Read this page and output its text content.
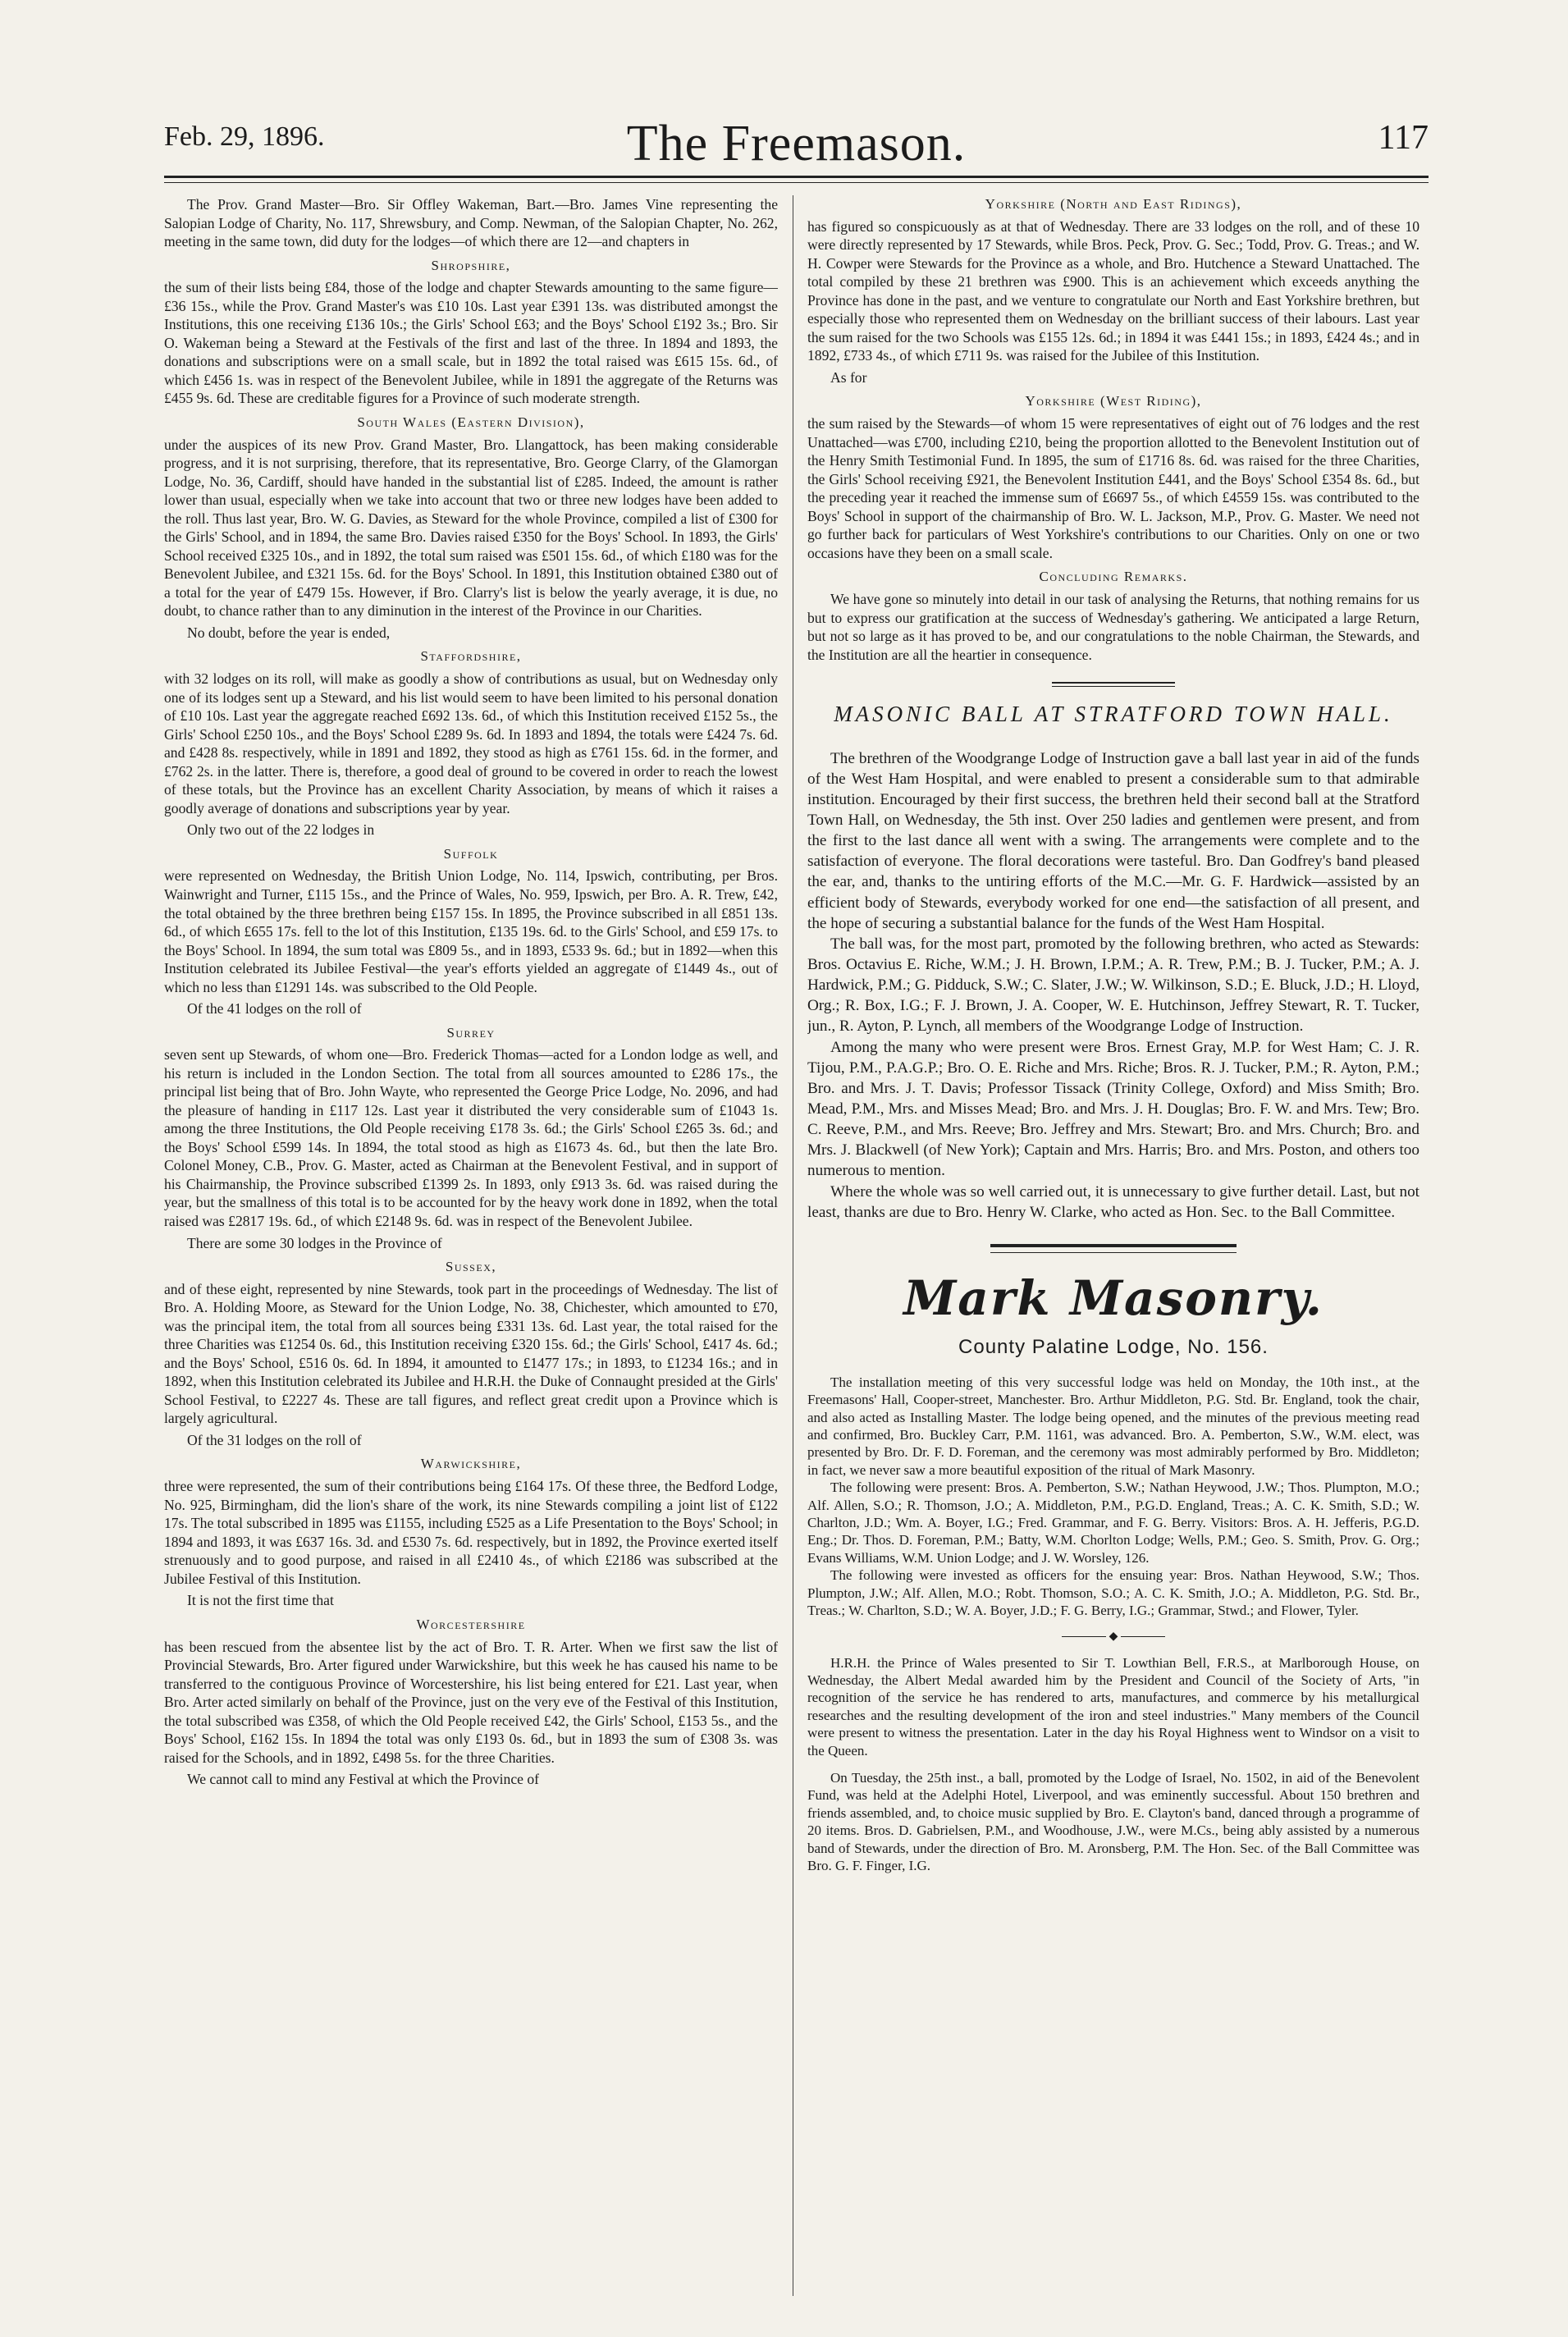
Feb. 29, 1896.	The Freemason.	117

The Prov. Grand Master—Bro. Sir Offley Wakeman, Bart.—Bro. James Vine representing the Salopian Lodge of Charity, No. 117, Shrewsbury, and Comp. Newman, of the Salopian Chapter, No. 262, meeting in the same town, did duty for the lodges—of which there are 12—and chapters in

Shropshire,

the sum of their lists being £84, those of the lodge and chapter Stewards amounting to the same figure—£36 15s., while the Prov. Grand Master's was £10 10s. Last year £391 13s. was distributed amongst the Institutions, this one receiving £136 10s.; the Girls' School £63; and the Boys' School £192 3s.; Bro. Sir O. Wakeman being a Steward at the Festivals of the first and last of the three. In 1894 and 1893, the donations and subscriptions were on a small scale, but in 1892 the total raised was £615 15s. 6d., of which £456 1s. was in respect of the Benevolent Jubilee, while in 1891 the aggregate of the Returns was £455 9s. 6d. These are creditable figures for a Province of such moderate strength.

South Wales (Eastern Division),

under the auspices of its new Prov. Grand Master, Bro. Llangattock, has been making considerable progress, and it is not surprising, therefore, that its representative, Bro. George Clarry, of the Glamorgan Lodge, No. 36, Cardiff, should have handed in the substantial list of £285. Indeed, the amount is rather lower than usual, especially when we take into account that two or three new lodges have been added to the roll. Thus last year, Bro. W. G. Davies, as Steward for the whole Province, compiled a list of £300 for the Girls' School, and in 1894, the same Bro. Davies raised £350 for the Boys' School. In 1893, the Girls' School received £325 10s., and in 1892, the total sum raised was £501 15s. 6d., of which £180 was for the Benevolent Jubilee, and £321 15s. 6d. for the Boys' School. In 1891, this Institution obtained £380 out of a total for the year of £479 15s. However, if Bro. Clarry's list is below the yearly average, it is due, no doubt, to chance rather than to any diminution in the interest of the Province in our Charities.

No doubt, before the year is ended,

Staffordshire,

with 32 lodges on its roll, will make as goodly a show of contributions as usual, but on Wednesday only one of its lodges sent up a Steward, and his list would seem to have been limited to his personal donation of £10 10s. Last year the aggregate reached £692 13s. 6d., of which this Institution received £152 5s., the Girls' School £250 10s., and the Boys' School £289 9s. 6d. In 1893 and 1894, the totals were £424 7s. 6d. and £428 8s. respectively, while in 1891 and 1892, they stood as high as £761 15s. 6d. in the former, and £762 2s. in the latter. There is, therefore, a good deal of ground to be covered in order to reach the lowest of these totals, but the Province has an excellent Charity Association, by means of which it raises a goodly average of donations and subscriptions year by year.

Only two out of the 22 lodges in

Suffolk

were represented on Wednesday, the British Union Lodge, No. 114, Ipswich, contributing, per Bros. Wainwright and Turner, £115 15s., and the Prince of Wales, No. 959, Ipswich, per Bro. A. R. Trew, £42, the total obtained by the three brethren being £157 15s. In 1895, the Province subscribed in all £851 13s. 6d., of which £655 17s. fell to the lot of this Institution, £135 19s. 6d. to the Girls' School, and £59 17s. to the Boys' School. In 1894, the sum total was £809 5s., and in 1893, £533 9s. 6d.; but in 1892—when this Institution celebrated its Jubilee Festival—the year's efforts yielded an aggregate of £1449 4s., out of which no less than £1291 14s. was subscribed to the Old People.

Of the 41 lodges on the roll of

Surrey

seven sent up Stewards, of whom one—Bro. Frederick Thomas—acted for a London lodge as well, and his return is included in the London Section. The total from all sources amounted to £286 17s., the principal list being that of Bro. John Wayte, who represented the George Price Lodge, No. 2096, and had the pleasure of handing in £117 12s. Last year it distributed the very considerable sum of £1043 1s. among the three Institutions, the Old People receiving £178 3s. 6d.; the Girls' School £265 3s. 6d.; and the Boys' School £599 14s. In 1894, the total stood as high as £1673 4s. 6d., but then the late Bro. Colonel Money, C.B., Prov. G. Master, acted as Chairman at the Benevolent Festival, and in support of his Chairmanship, the Province subscribed £1399 2s. In 1893, only £913 3s. 6d. was raised during the year, but the smallness of this total is to be accounted for by the heavy work done in 1892, when the total raised was £2817 19s. 6d., of which £2148 9s. 6d. was in respect of the Benevolent Jubilee.

There are some 30 lodges in the Province of

Sussex,

and of these eight, represented by nine Stewards, took part in the proceedings of Wednesday. The list of Bro. A. Holding Moore, as Steward for the Union Lodge, No. 38, Chichester, which amounted to £70, was the principal item, the total from all sources being £331 13s. 6d. Last year, the total raised for the three Charities was £1254 0s. 6d., this Institution receiving £320 15s. 6d.; the Girls' School, £417 4s. 6d.; and the Boys' School, £516 0s. 6d. In 1894, it amounted to £1477 17s.; in 1893, to £1234 16s.; and in 1892, when this Institution celebrated its Jubilee and H.R.H. the Duke of Connaught presided at the Girls' School Festival, to £2227 4s. These are tall figures, and reflect great credit upon a Province which is largely agricultural.

Of the 31 lodges on the roll of

Warwickshire,

three were represented, the sum of their contributions being £164 17s. Of these three, the Bedford Lodge, No. 925, Birmingham, did the lion's share of the work, its nine Stewards compiling a joint list of £122 17s. The total subscribed in 1895 was £1155, including £525 as a Life Presentation to the Boys' School; in 1894 and 1893, it was £637 16s. 3d. and £530 7s. 6d. respectively, but in 1892, the Province exerted itself strenuously and to good purpose, and raised in all £2410 4s., of which £2186 was subscribed at the Jubilee Festival of this Institution.

It is not the first time that

Worcestershire

has been rescued from the absentee list by the act of Bro. T. R. Arter. When we first saw the list of Provincial Stewards, Bro. Arter figured under Warwickshire, but this week he has caused his name to be transferred to the contiguous Province of Worcestershire, his list being entered for £21. Last year, when Bro. Arter acted similarly on behalf of the Province, just on the very eve of the Festival of this Institution, the total subscribed was £358, of which the Old People received £42, the Girls' School, £153 5s., and the Boys' School, £162 15s. In 1894 the total was only £193 0s. 6d., but in 1893 the sum of £308 3s. was raised for the Schools, and in 1892, £498 5s. for the three Charities.

We cannot call to mind any Festival at which the Province of

Yorkshire (North and East Ridings),

has figured so conspicuously as at that of Wednesday. There are 33 lodges on the roll, and of these 10 were directly represented by 17 Stewards, while Bros. Peck, Prov. G. Sec.; Todd, Prov. G. Treas.; and W. H. Cowper were Stewards for the Province as a whole, and Bro. Hutchence a Steward Unattached. The total compiled by these 21 brethren was £900. This is an achievement which exceeds anything the Province has done in the past, and we venture to congratulate our North and East Yorkshire brethren, but especially those who represented them on Wednesday on the brilliant success of their labours. Last year the sum raised for the two Schools was £155 12s. 6d.; in 1894 it was £441 15s.; in 1893, £424 4s.; and in 1892, £733 4s., of which £711 9s. was raised for the Jubilee of this Institution.

As for

Yorkshire (West Riding),

the sum raised by the Stewards—of whom 15 were representatives of eight out of 76 lodges and the rest Unattached—was £700, including £210, being the proportion allotted to the Benevolent Institution out of the Henry Smith Testimonial Fund. In 1895, the sum of £1716 8s. 6d. was raised for the three Charities, the Girls' School receiving £921, the Benevolent Institution £441, and the Boys' School £354 8s. 6d., but the preceding year it reached the immense sum of £6697 5s., of which £4559 15s. was contributed to the Boys' School in support of the chairmanship of Bro. W. L. Jackson, M.P., Prov. G. Master. We need not go further back for particulars of West Yorkshire's contributions to our Charities. Only on one or two occasions have they been on a small scale.

Concluding Remarks.

We have gone so minutely into detail in our task of analysing the Returns, that nothing remains for us but to express our gratification at the success of Wednesday's gathering. We anticipated a large Return, but not so large as it has proved to be, and our congratulations to the noble Chairman, the Stewards, and the Institution are all the heartier in consequence.

MASONIC BALL AT STRATFORD TOWN HALL.

The brethren of the Woodgrange Lodge of Instruction gave a ball last year in aid of the funds of the West Ham Hospital, and were enabled to present a considerable sum to that admirable institution. Encouraged by their first success, the brethren held their second ball at the Stratford Town Hall, on Wednesday, the 5th inst. Over 250 ladies and gentlemen were present, and from the first to the last dance all went with a swing. The arrangements were complete and to the satisfaction of everyone. The floral decorations were tasteful. Bro. Dan Godfrey's band pleased the ear, and, thanks to the untiring efforts of the M.C.—Mr. G. F. Hardwick—assisted by an efficient body of Stewards, everybody worked for one end—the satisfaction of all present, and the hope of securing a substantial balance for the funds of the West Ham Hospital.

The ball was, for the most part, promoted by the following brethren, who acted as Stewards: Bros. Octavius E. Riche, W.M.; J. H. Brown, I.P.M.; A. R. Trew, P.M.; B. J. Tucker, P.M.; A. J. Hardwick, P.M.; G. Pidduck, S.W.; C. Slater, J.W.; W. Wilkinson, S.D.; E. Bluck, J.D.; H. Lloyd, Org.; R. Box, I.G.; F. J. Brown, J. A. Cooper, W. E. Hutchinson, Jeffrey Stewart, R. T. Tucker, jun., R. Ayton, P. Lynch, all members of the Woodgrange Lodge of Instruction.

Among the many who were present were Bros. Ernest Gray, M.P. for West Ham; C. J. R. Tijou, P.M., P.A.G.P.; Bro. O. E. Riche and Mrs. Riche; Bros. R. J. Tucker, P.M.; R. Ayton, P.M.; Bro. and Mrs. J. T. Davis; Professor Tissack (Trinity College, Oxford) and Miss Smith; Bro. Mead, P.M., Mrs. and Misses Mead; Bro. and Mrs. J. H. Douglas; Bro. F. W. and Mrs. Tew; Bro. C. Reeve, P.M., and Mrs. Reeve; Bro. Jeffrey and Mrs. Stewart; Bro. and Mrs. Church; Bro. and Mrs. J. Blackwell (of New York); Captain and Mrs. Harris; Bro. and Mrs. Poston, and others too numerous to mention.

Where the whole was so well carried out, it is unnecessary to give further detail. Last, but not least, thanks are due to Bro. Henry W. Clarke, who acted as Hon. Sec. to the Ball Committee.

Mark Masonry.
County Palatine Lodge, No. 156.

The installation meeting of this very successful lodge was held on Monday, the 10th inst., at the Freemasons' Hall, Cooper-street, Manchester. Bro. Arthur Middleton, P.G. Std. Br. England, took the chair, and also acted as Installing Master. The lodge being opened, and the minutes of the previous meeting read and confirmed, Bro. Buckley Carr, P.M. 1161, was advanced. Bro. A. Pemberton, S.W., W.M. elect, was presented by Bro. Dr. F. D. Foreman, and the ceremony was most admirably performed by Bro. Middleton; in fact, we never saw a more beautiful exposition of the ritual of Mark Masonry.

The following were present: Bros. A. Pemberton, S.W.; Nathan Heywood, J.W.; Thos. Plumpton, M.O.; Alf. Allen, S.O.; R. Thomson, J.O.; A. Middleton, P.M., P.G.D. England, Treas.; A. C. K. Smith, S.D.; W. Charlton, J.D.; Wm. A. Boyer, I.G.; Fred. Grammar, and F. G. Berry. Visitors: Bros. A. H. Jefferis, P.G.D. Eng.; Dr. Thos. D. Foreman, P.M.; Batty, W.M. Chorlton Lodge; Wells, P.M.; Geo. S. Smith, Prov. G. Org.; Evans Williams, W.M. Union Lodge; and J. W. Worsley, 126.

The following were invested as officers for the ensuing year: Bros. Nathan Heywood, S.W.; Thos. Plumpton, J.W.; Alf. Allen, M.O.; Robt. Thomson, S.O.; A. C. K. Smith, J.O.; A. Middleton, P.G. Std. Br., Treas.; W. Charlton, S.D.; W. A. Boyer, J.D.; F. G. Berry, I.G.; Grammar, Stwd.; and Flower, Tyler.

◆

H.R.H. the Prince of Wales presented to Sir T. Lowthian Bell, F.R.S., at Marlborough House, on Wednesday, the Albert Medal awarded him by the President and Council of the Society of Arts, "in recognition of the service he has rendered to arts, manufactures, and commerce by his metallurgical researches and the resulting development of the iron and steel industries." Many members of the Council were present to witness the presentation. Later in the day his Royal Highness went to Windsor on a visit to the Queen.

On Tuesday, the 25th inst., a ball, promoted by the Lodge of Israel, No. 1502, in aid of the Benevolent Fund, was held at the Adelphi Hotel, Liverpool, and was eminently successful. About 150 brethren and friends assembled, and, to choice music supplied by Bro. E. Clayton's band, danced through a programme of 20 items. Bros. D. Gabrielsen, P.M., and Woodhouse, J.W., were M.Cs., being ably assisted by a numerous band of Stewards, under the direction of Bro. M. Aronsberg, P.M. The Hon. Sec. of the Ball Committee was Bro. G. F. Finger, I.G.
